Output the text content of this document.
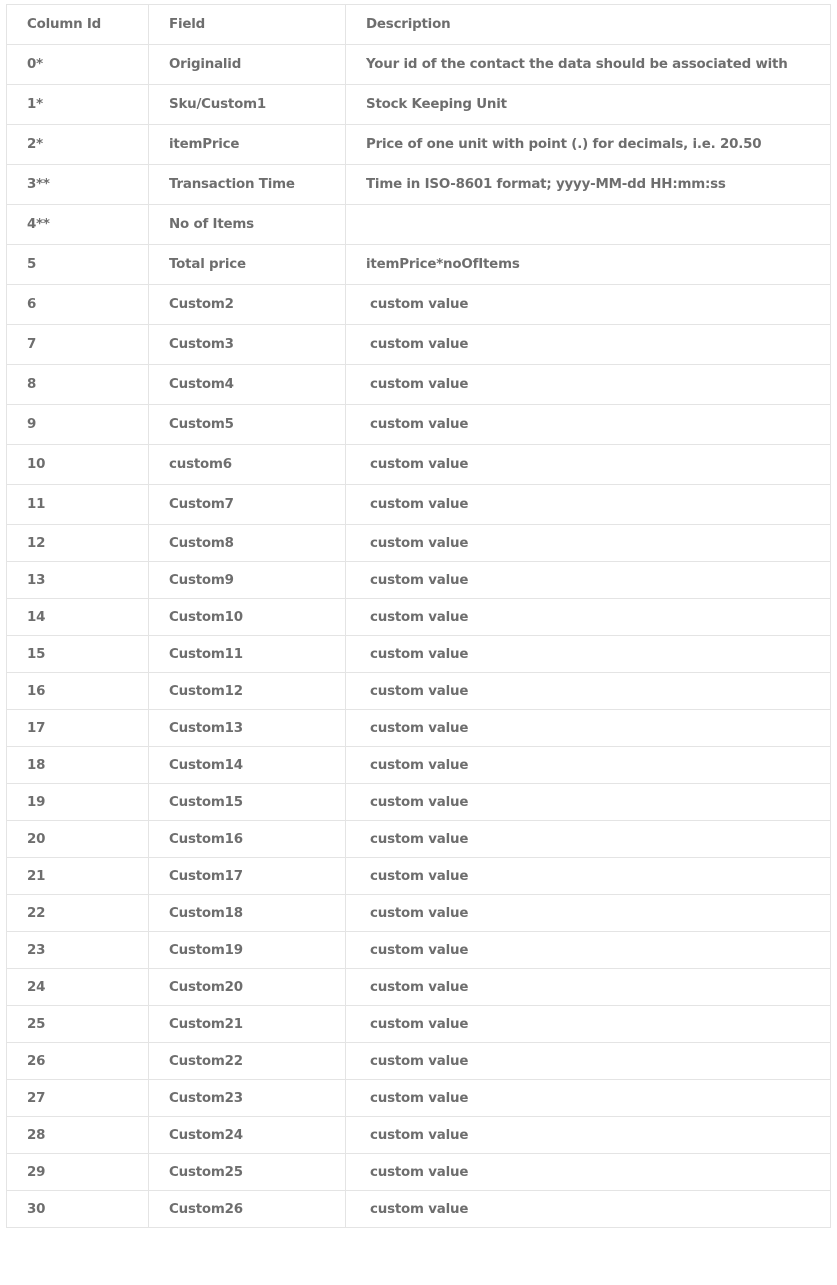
Column Id	Field	Description
0*	Originalid	Your id of the contact the data should be associated with
1*	Sku/Custom1	Stock Keeping Unit
2*	itemPrice	Price of one unit with point (.) for decimals, i.e. 20.50
3**	Transaction Time	Time in ISO-8601 format; yyyy-MM-dd HH:mm:ss
4**	No of Items	
5	Total price	itemPrice*noOfItems
6	Custom2	custom value
7	Custom3	custom value
8	Custom4	custom value
9	Custom5	custom value
10	custom6	custom value
11	Custom7	custom value
12	Custom8	custom value
13	Custom9	custom value
14	Custom10	custom value
15	Custom11	custom value
16	Custom12	custom value
17	Custom13	custom value
18	Custom14	custom value
19	Custom15	custom value
20	Custom16	custom value
21	Custom17	custom value
22	Custom18	custom value
23	Custom19	custom value
24	Custom20	custom value
25	Custom21	custom value
26	Custom22	custom value
27	Custom23	custom value
28	Custom24	custom value
29	Custom25	custom value
30	Custom26	custom value
